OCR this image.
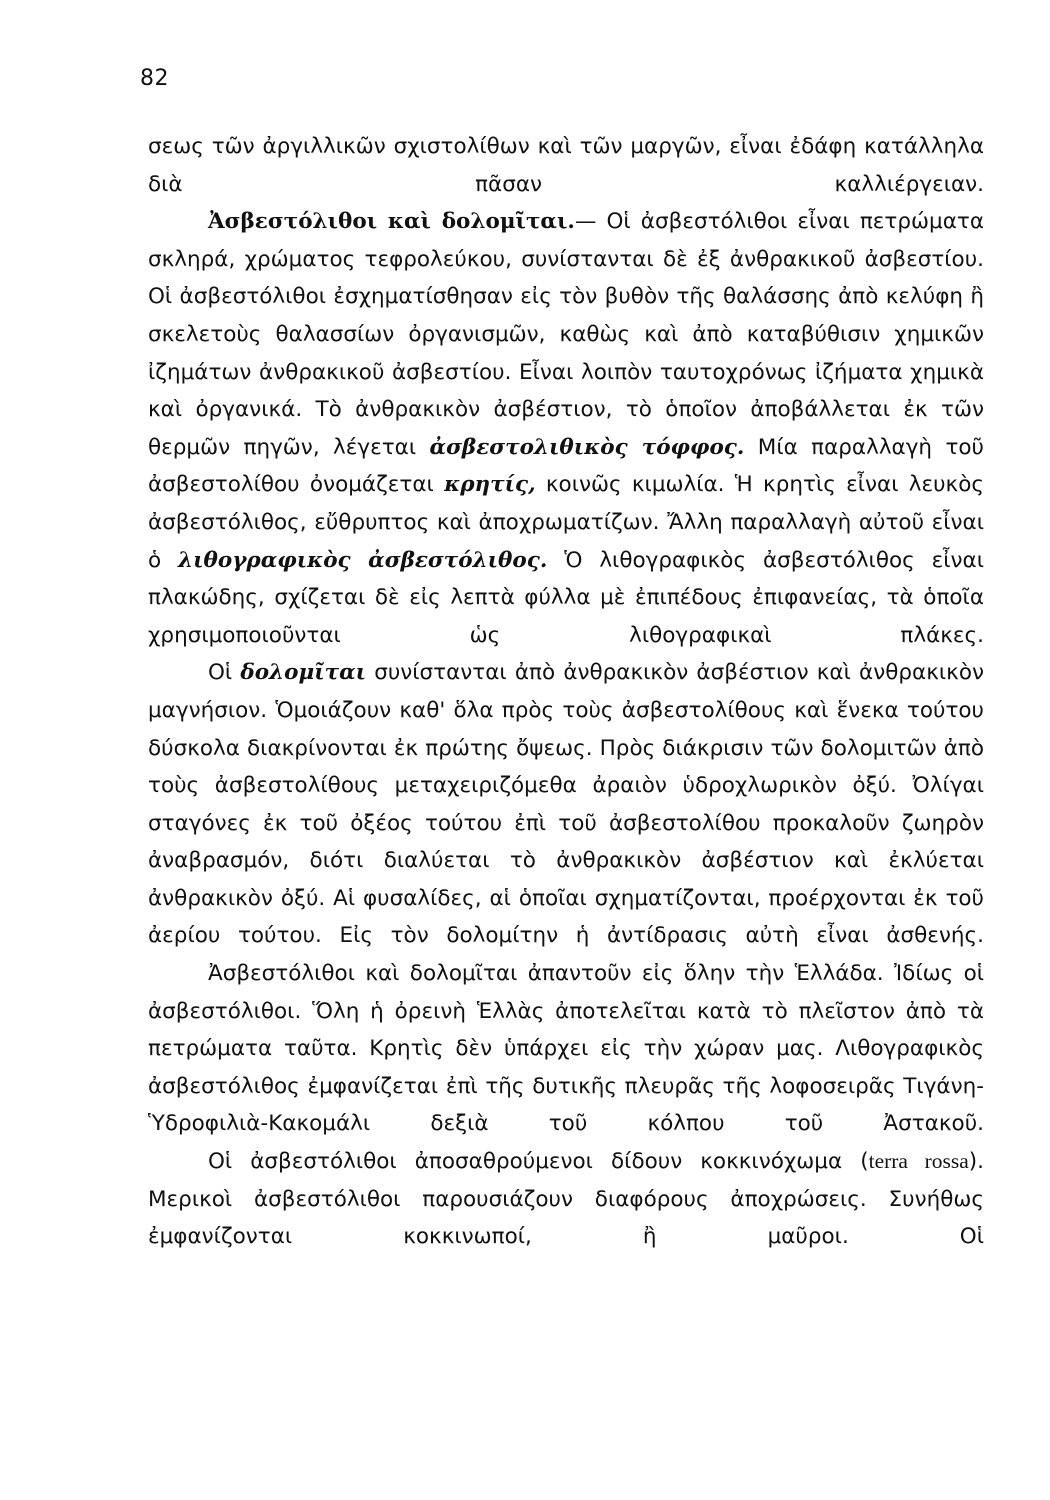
82

σεως τῶν ἀργιλλικῶν σχιστολίθων καὶ τῶν μαργῶν, εἶναι ἐδάφη κατάλληλα διὰ πᾶσαν καλλιέργειαν.

Ἀσβεστόλιθοι καὶ δολομῖται.— Οἱ ἀσβεστόλιθοι εἶναι πετρώματα σκληρά, χρώματος τεφρολεύκου, συνίστανται δὲ ἐξ ἀνθρακικοῦ ἀσβεστίου. Οἱ ἀσβεστόλιθοι ἐσχηματίσθησαν εἰς τὸν βυθὸν τῆς θαλάσσης ἀπὸ κελύφη ἢ σκελετοὺς θαλασσίων ὀργανισμῶν, καθὼς καὶ ἀπὸ καταβύθισιν χημικῶν ἰζημάτων ἀνθρακικοῦ ἀσβεστίου. Εἶναι λοιπὸν ταυτοχρόνως ἰζήματα χημικὰ καὶ ὀργανικά. Τὸ ἀνθρακικὸν ἀσβέστιον, τὸ ὁποῖον ἀποβάλλεται ἐκ τῶν θερμῶν πηγῶν, λέγεται ἀσβεστολιθικὸς τόφφος. Μία παραλλαγὴ τοῦ ἀσβεστολίθου ὀνομάζεται κρητίς, κοινῶς κιμωλία. Ἡ κρητὶς εἶναι λευκὸς ἀσβεστόλιθος, εὔθρυπτος καὶ ἀποχρωματίζων. Ἄλλη παραλλαγὴ αὐτοῦ εἶναι ὁ λιθογραφικὸς ἀσβεστόλιθος. Ὁ λιθογραφικὸς ἀσβεστόλιθος εἶναι πλακώδης, σχίζεται δὲ εἰς λεπτὰ φύλλα μὲ ἐπιπέδους ἐπιφανείας, τὰ ὁποῖα χρησιμοποιοῦνται ὡς λιθογραφικαὶ πλάκες.

Οἱ δολομῖται συνίστανται ἀπὸ ἀνθρακικὸν ἀσβέστιον καὶ ἀνθρακικὸν μαγνήσιον. Ὁμοιάζουν καθ' ὅλα πρὸς τοὺς ἀσβεστολίθους καὶ ἕνεκα τούτου δύσκολα διακρίνονται ἐκ πρώτης ὄψεως. Πρὸς διάκρισιν τῶν δολομιτῶν ἀπὸ τοὺς ἀσβεστολίθους μεταχειριζόμεθα ἀραιὸν ὑδροχλωρικὸν ὀξύ. Ὀλίγαι σταγόνες ἐκ τοῦ ὀξέος τούτου ἐπὶ τοῦ ἀσβεστολίθου προκαλοῦν ζωηρὸν ἀναβρασμόν, διότι διαλύεται τὸ ἀνθρακικὸν ἀσβέστιον καὶ ἐκλύεται ἀνθρακικὸν ὀξύ. Αἱ φυσαλίδες, αἱ ὁποῖαι σχηματίζονται, προέρχονται ἐκ τοῦ ἀερίου τούτου. Εἰς τὸν δολομίτην ἡ ἀντίδρασις αὐτὴ εἶναι ἀσθενής.

Ἀσβεστόλιθοι καὶ δολομῖται ἀπαντοῦν εἰς ὅλην τὴν Ἑλλάδα. Ἰδίως οἱ ἀσβεστόλιθοι. Ὅλη ἡ ὀρεινὴ Ἑλλὰς ἀποτελεῖται κατὰ τὸ πλεῖστον ἀπὸ τὰ πετρώματα ταῦτα. Κρητὶς δὲν ὑπάρχει εἰς τὴν χώραν μας. Λιθογραφικὸς ἀσβεστόλιθος ἐμφανίζεται ἐπὶ τῆς δυτικῆς πλευρᾶς τῆς λοφοσειρᾶς Τιγάνη-Ὑδροφιλιὰ-Κακομάλι δεξιὰ τοῦ κόλπου τοῦ Ἀστακοῦ.

Οἱ ἀσβεστόλιθοι ἀποσαθρούμενοι δίδουν κοκκινόχωμα (terra rossa). Μερικοὶ ἀσβεστόλιθοι παρουσιάζουν διαφόρους ἀποχρώσεις. Συνήθως ἐμφανίζονται κοκκινωποί, ἢ μαῦροι. Οἱ
